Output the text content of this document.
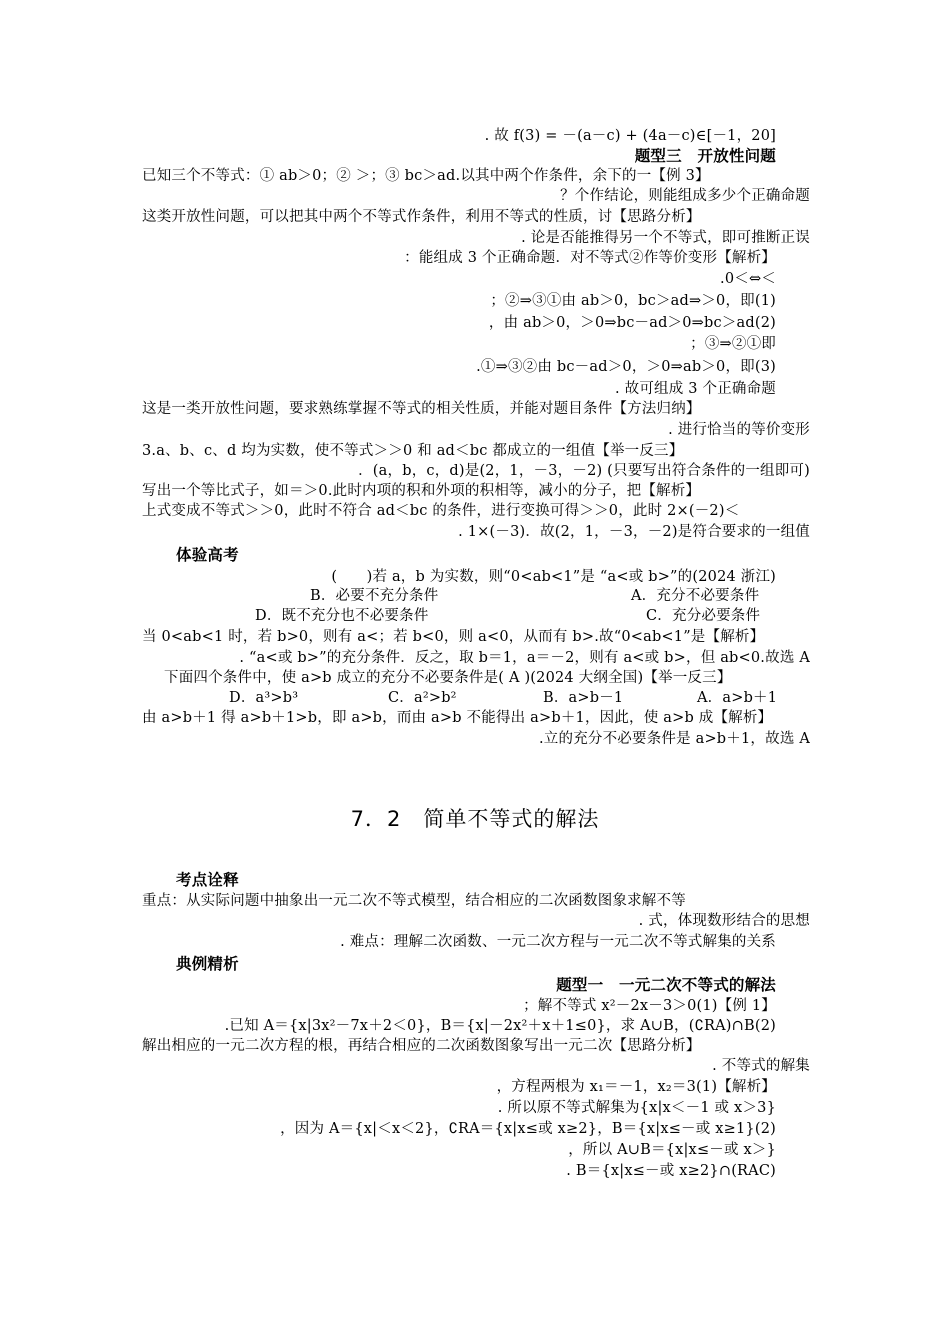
. 故 f(3) = －(a－c) + (4a－c)∈[－1，20]
题型三　开放性问题
已知三个不等式：① ab＞0；② ＞；③ bc＞ad.以其中两个作条件，余下的一【例 3】
？个作结论，则能组成多少个正确命题
这类开放性问题，可以把其中两个不等式作条件，利用不等式的性质，讨【思路分析】
. 论是否能推得另一个不等式，即可推断正误
：能组成 3 个正确命题．对不等式②作等价变形【解析】
.0＜⇔＜
；②⇒③①由 ab＞0，bc＞ad⇒＞0，即(1)
，由 ab＞0，＞0⇒bc－ad＞0⇒bc＞ad(2)
；③⇒②①即
.①⇒③②由 bc－ad＞0，＞0⇒ab＞0，即(3)
. 故可组成 3 个正确命题
这是一类开放性问题，要求熟练掌握不等式的相关性质，并能对题目条件【方法归纳】
. 进行恰当的等价变形
3.a、b、c、d 均为实数，使不等式＞＞0 和 ad＜bc 都成立的一组值【举一反三】
．(a，b，c，d)是(2，1，－3，－2) (只要写出符合条件的一组即可)
写出一个等比式子，如＝＞0.此时内项的积和外项的积相等，减小的分子，把【解析】
上式变成不等式＞＞0，此时不符合 ad＜bc 的条件，进行变换可得＞＞0，此时 2×(－2)＜
. 1×(－3)．故(2，1，－3，－2)是符合要求的一组值
体验高考
(　　)若 a，b 为实数，则“0<ab<1”是 “a<或 b>”的(2024 浙江)
B．必要不充分条件	A．充分不必要条件
D．既不充分也不必要条件	C．充分必要条件
当 0<ab<1 时，若 b>0，则有 a<；若 b<0，则 a<0，从而有 b>.故“0<ab<1”是【解析】
. “a<或 b>”的充分条件．反之，取 b＝1，a＝－2，则有 a<或 b>，但 ab<0.故选 A
下面四个条件中，使 a>b 成立的充分不必要条件是( A )(2024 大纲全国)【举一反三】
D．a³>b³	C．a²>b²	B．a>b－1	A．a>b＋1
由 a>b＋1 得 a>b＋1>b，即 a>b，而由 a>b 不能得出 a>b＋1，因此，使 a>b 成【解析】
.立的充分不必要条件是 a>b＋1，故选 A
7．2　简单不等式的解法
考点诠释
重点：从实际问题中抽象出一元二次不等式模型，结合相应的二次函数图象求解不等
. 式，体现数形结合的思想
. 难点：理解二次函数、一元二次方程与一元二次不等式解集的关系
典例精析
题型一　一元二次不等式的解法
；解不等式 x²－2x－3＞0(1)【例 1】
.已知 A＝{x|3x²－7x＋2＜0}，B＝{x|－2x²＋x＋1≤0}，求 A∪B，(∁RA)∩B(2)
解出相应的一元二次方程的根，再结合相应的二次函数图象写出一元二次【思路分析】
. 不等式的解集
，方程两根为 x₁＝－1，x₂＝3(1)【解析】
. 所以原不等式解集为{x|x＜－1 或 x＞3}
，因为 A＝{x|＜x＜2}，∁RA＝{x|x≤或 x≥2}，B＝{x|x≤－或 x≥1}(2)
，所以 A∪B＝{x|x≤－或 x＞}
. B＝{x|x≤－或 x≥2}∩(RAC)
